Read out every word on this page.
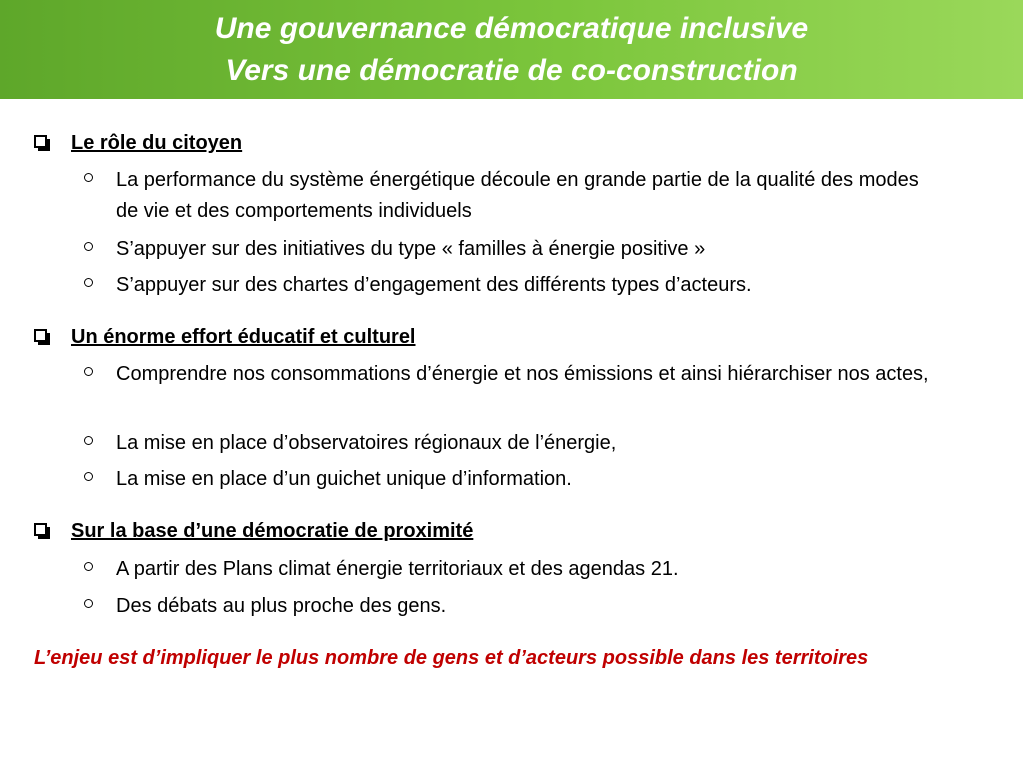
Une gouvernance démocratique inclusive
Vers une démocratie de co-construction
Le rôle du citoyen
La performance du système énergétique découle en grande partie de la qualité des modes de vie et des comportements individuels
S’appuyer sur des initiatives du type « familles à énergie positive »
S’appuyer sur des chartes d’engagement des différents types d’acteurs.
Un énorme effort éducatif et culturel
Comprendre nos consommations d’énergie et nos émissions et ainsi hiérarchiser nos actes,
La mise en place d’observatoires régionaux de l’énergie,
La mise en place d’un guichet unique d’information.
Sur la base d’une démocratie de proximité
A partir des Plans climat énergie territoriaux et des agendas 21.
Des débats au plus proche des gens.
L’enjeu est d’impliquer le plus nombre de gens et d’acteurs possible dans les territoires
